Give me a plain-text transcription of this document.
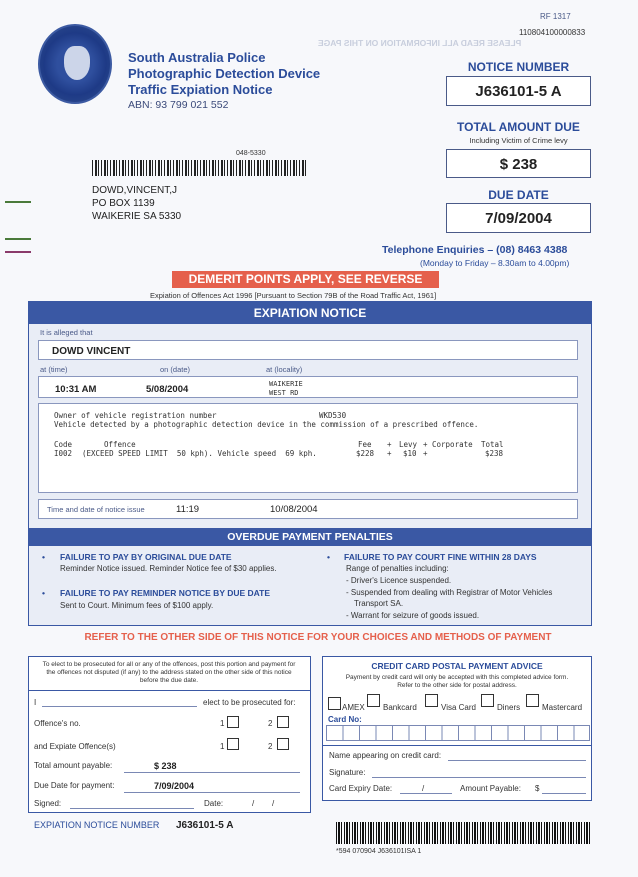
PLEASE READ ALL INFORMATION ON THIS PAGE
South Australia Police
Photographic Detection Device
Traffic Expiation Notice
ABN: 93 799 021 552
RF 1317
110804100000833
NOTICE NUMBER
J636101-5 A
TOTAL AMOUNT DUE
Including Victim of Crime levy
$ 238
DUE DATE
7/09/2004
Telephone Enquiries – (08) 8463 4388
(Monday to Friday – 8.30am to 4.00pm)
048-5330
DOWD,VINCENT,J
PO BOX 1139
WAIKERIE SA 5330
DEMERIT POINTS APPLY, SEE REVERSE
Expiation of Offences Act 1996 [Pursuant to Section 79B of the Road Traffic Act, 1961]
EXPIATION NOTICE
It is alleged that
DOWD VINCENT
at (time)	on (date)	at (locality)
10:31 AM	5/08/2004	WAIKERIE
WEST RD
Owner of vehicle registration number	WKD530
Vehicle detected by a photographic detection device in the commission of a prescribed offence.
Code	Offence	Fee + Levy + Corporate Total
I002 (EXCEED SPEED LIMIT  50 kph). Vehicle speed  69 kph.	$228 + $10 +	$238
Time and date of notice issue	11:19	10/08/2004
OVERDUE PAYMENT PENALTIES
• FAILURE TO PAY BY ORIGINAL DUE DATE
Reminder Notice issued. Reminder Notice fee of $30 applies.
• FAILURE TO PAY REMINDER NOTICE BY DUE DATE
Sent to Court. Minimum fees of $100 apply.
• FAILURE TO PAY COURT FINE WITHIN 28 DAYS
Range of penalties including:
- Driver's Licence suspended.
- Suspended from dealing with Registrar of Motor Vehicles
Transport SA.
- Warrant for seizure of goods issued.
REFER TO THE OTHER SIDE OF THIS NOTICE FOR YOUR CHOICES AND METHODS OF PAYMENT
To elect to be prosecuted for all or any of the offences, post this portion and payment for the offences not disputed (if any) to the address stated on the other side of this notice before the due date.
I	elect to be prosecuted for:
Offence's no.	1	2
and Expiate Offence(s)	1	2
Total amount payable:	$ 238
Due Date for payment:	7/09/2004
Signed:	Date:	/        /
EXPIATION NOTICE NUMBER J636101-5 A
CREDIT CARD POSTAL PAYMENT ADVICE
Payment by credit card will only be accepted with this completed advice form.
Refer to the other side for postal address.
AMEX Bankcard	Visa Card	Diners	Mastercard
Card No:
Name appearing on credit card:
Signature:
Card Expiry Date:	/	Amount Payable: $
*594 070904 J636101ISA 1
